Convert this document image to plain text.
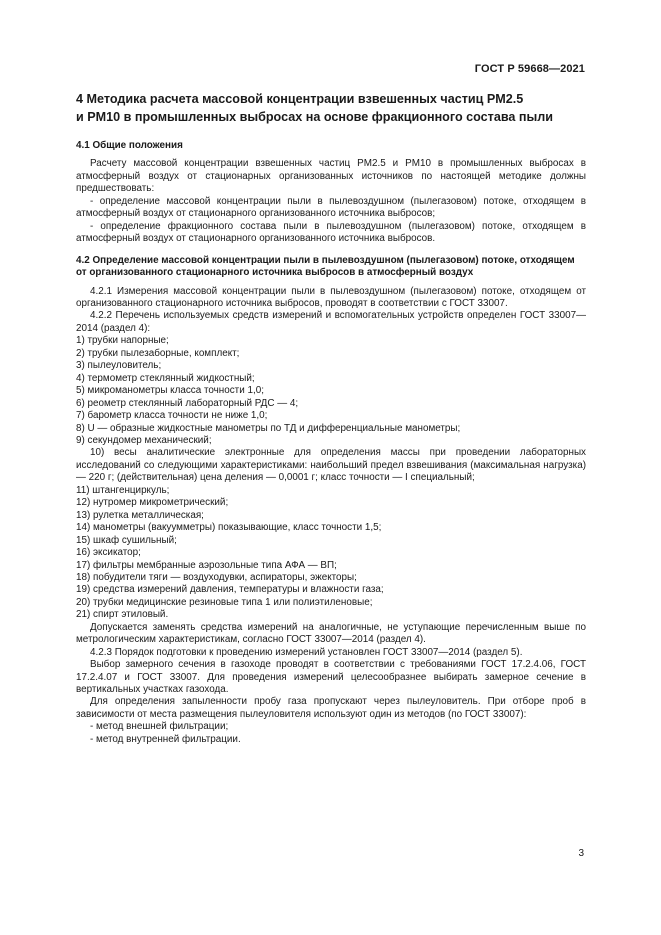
ГОСТ Р 59668—2021
4 Методика расчета массовой концентрации взвешенных частиц PM2.5
и PM10 в промышленных выбросах на основе фракционного состава пыли
4.1 Общие положения

Расчету массовой концентрации взвешенных частиц PM2.5 и PM10 в промышленных выбросах в атмосферный воздух от стационарных организованных источников по настоящей методике должны предшествовать:

- определение массовой концентрации пыли в пылевоздушном (пылегазовом) потоке, отходящем в атмосферный воздух от стационарного организованного источника выбросов;

- определение фракционного состава пыли в пылевоздушном (пылегазовом) потоке, отходящем в атмосферный воздух от стационарного организованного источника выбросов.

4.2 Определение массовой концентрации пыли в пылевоздушном (пылегазовом) потоке, отходящем от организованного стационарного источника выбросов в атмосферный воздух

4.2.1 Измерения массовой концентрации пыли в пылевоздушном (пылегазовом) потоке, отходящем от организованного стационарного источника выбросов, проводят в соответствии с ГОСТ 33007.

4.2.2 Перечень используемых средств измерений и вспомогательных устройств определен ГОСТ 33007—2014 (раздел 4):

1) трубки напорные;

2) трубки пылезаборные, комплект;

3) пылеуловитель;

4) термометр стеклянный жидкостный;

5) микроманометры класса точности 1,0;

6) реометр стеклянный лабораторный РДС — 4;

7) барометр класса точности не ниже 1,0;

8) U — образные жидкостные манометры по ТД и дифференциальные манометры;

9) секундомер механический;

10) весы аналитические электронные для определения массы при проведении лабораторных исследований со следующими характеристиками: наибольший предел взвешивания (максимальная нагрузка) — 220 г; (действительная) цена деления — 0,0001 г; класс точности — I специальный;

11) штангенциркуль;

12) нутромер микрометрический;

13) рулетка металлическая;

14) манометры (вакуумметры) показывающие, класс точности 1,5;

15) шкаф сушильный;

16) эксикатор;

17) фильтры мембранные аэрозольные типа АФА — ВП;

18) побудители тяги — воздуходувки, аспираторы, эжекторы;

19) средства измерений давления, температуры и влажности газа;

20) трубки медицинские резиновые типа 1 или полиэтиленовые;

21) спирт этиловый.

Допускается заменять средства измерений на аналогичные, не уступающие перечисленным выше по метрологическим характеристикам, согласно ГОСТ 33007—2014 (раздел 4).

4.2.3 Порядок подготовки к проведению измерений установлен ГОСТ 33007—2014 (раздел 5).

Выбор замерного сечения в газоходе проводят в соответствии с требованиями ГОСТ 17.2.4.06, ГОСТ 17.2.4.07 и ГОСТ 33007. Для проведения измерений целесообразнее выбирать замерное сечение в вертикальных участках газохода.

Для определения запыленности пробу газа пропускают через пылеуловитель. При отборе проб в зависимости от места размещения пылеуловителя используют один из методов (по ГОСТ 33007):

- метод внешней фильтрации;

- метод внутренней фильтрации.

3
